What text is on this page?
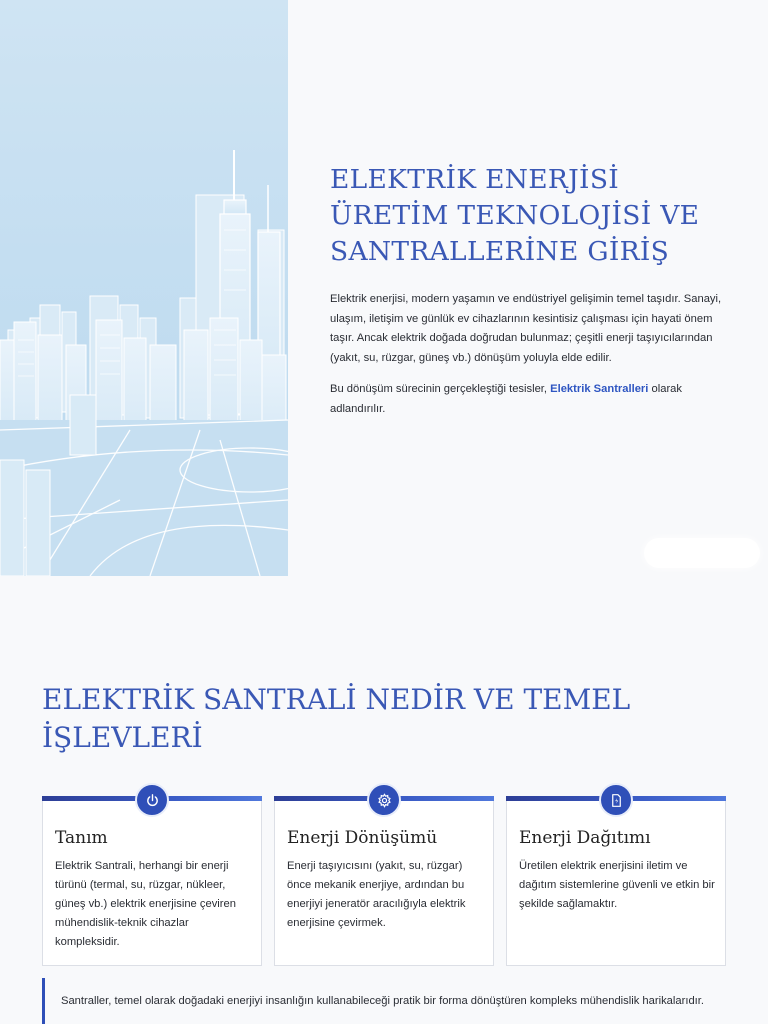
ELEKTRİK ENERJİSİ ÜRETİM TEKNOLOJİSİ VE SANTRALLERİNE GİRİŞ

Elektrik enerjisi, modern yaşamın ve endüstriyel gelişimin temel taşıdır. Sanayi, ulaşım, iletişim ve günlük ev cihazlarının kesintisiz çalışması için hayati önem taşır. Ancak elektrik doğada doğrudan bulunmaz; çeşitli enerji taşıyıcılarından (yakıt, su, rüzgar, güneş vb.) dönüşüm yoluyla elde edilir.

Bu dönüşüm sürecinin gerçekleştiği tesisler, Elektrik Santralleri olarak adlandırılır.

ELEKTRİK SANTRALİ NEDİR VE TEMEL İŞLEVLERİ
Tanım

Elektrik Santrali, herhangi bir enerji türünü (termal, su, rüzgar, nükleer, güneş vb.) elektrik enerjisine çeviren mühendislik-teknik cihazlar kompleksidir.

Enerji Dönüşümü

Enerji taşıyıcısını (yakıt, su, rüzgar) önce mekanik enerjiye, ardından bu enerjiyi jeneratör aracılığıyla elektrik enerjisine çevirmek.

Enerji Dağıtımı

Üretilen elektrik enerjisini iletim ve dağıtım sistemlerine güvenli ve etkin bir şekilde sağlamaktır.

Santraller, temel olarak doğadaki enerjiyi insanlığın kullanabileceği pratik bir forma dönüştüren kompleks mühendislik harikalarıdır.
